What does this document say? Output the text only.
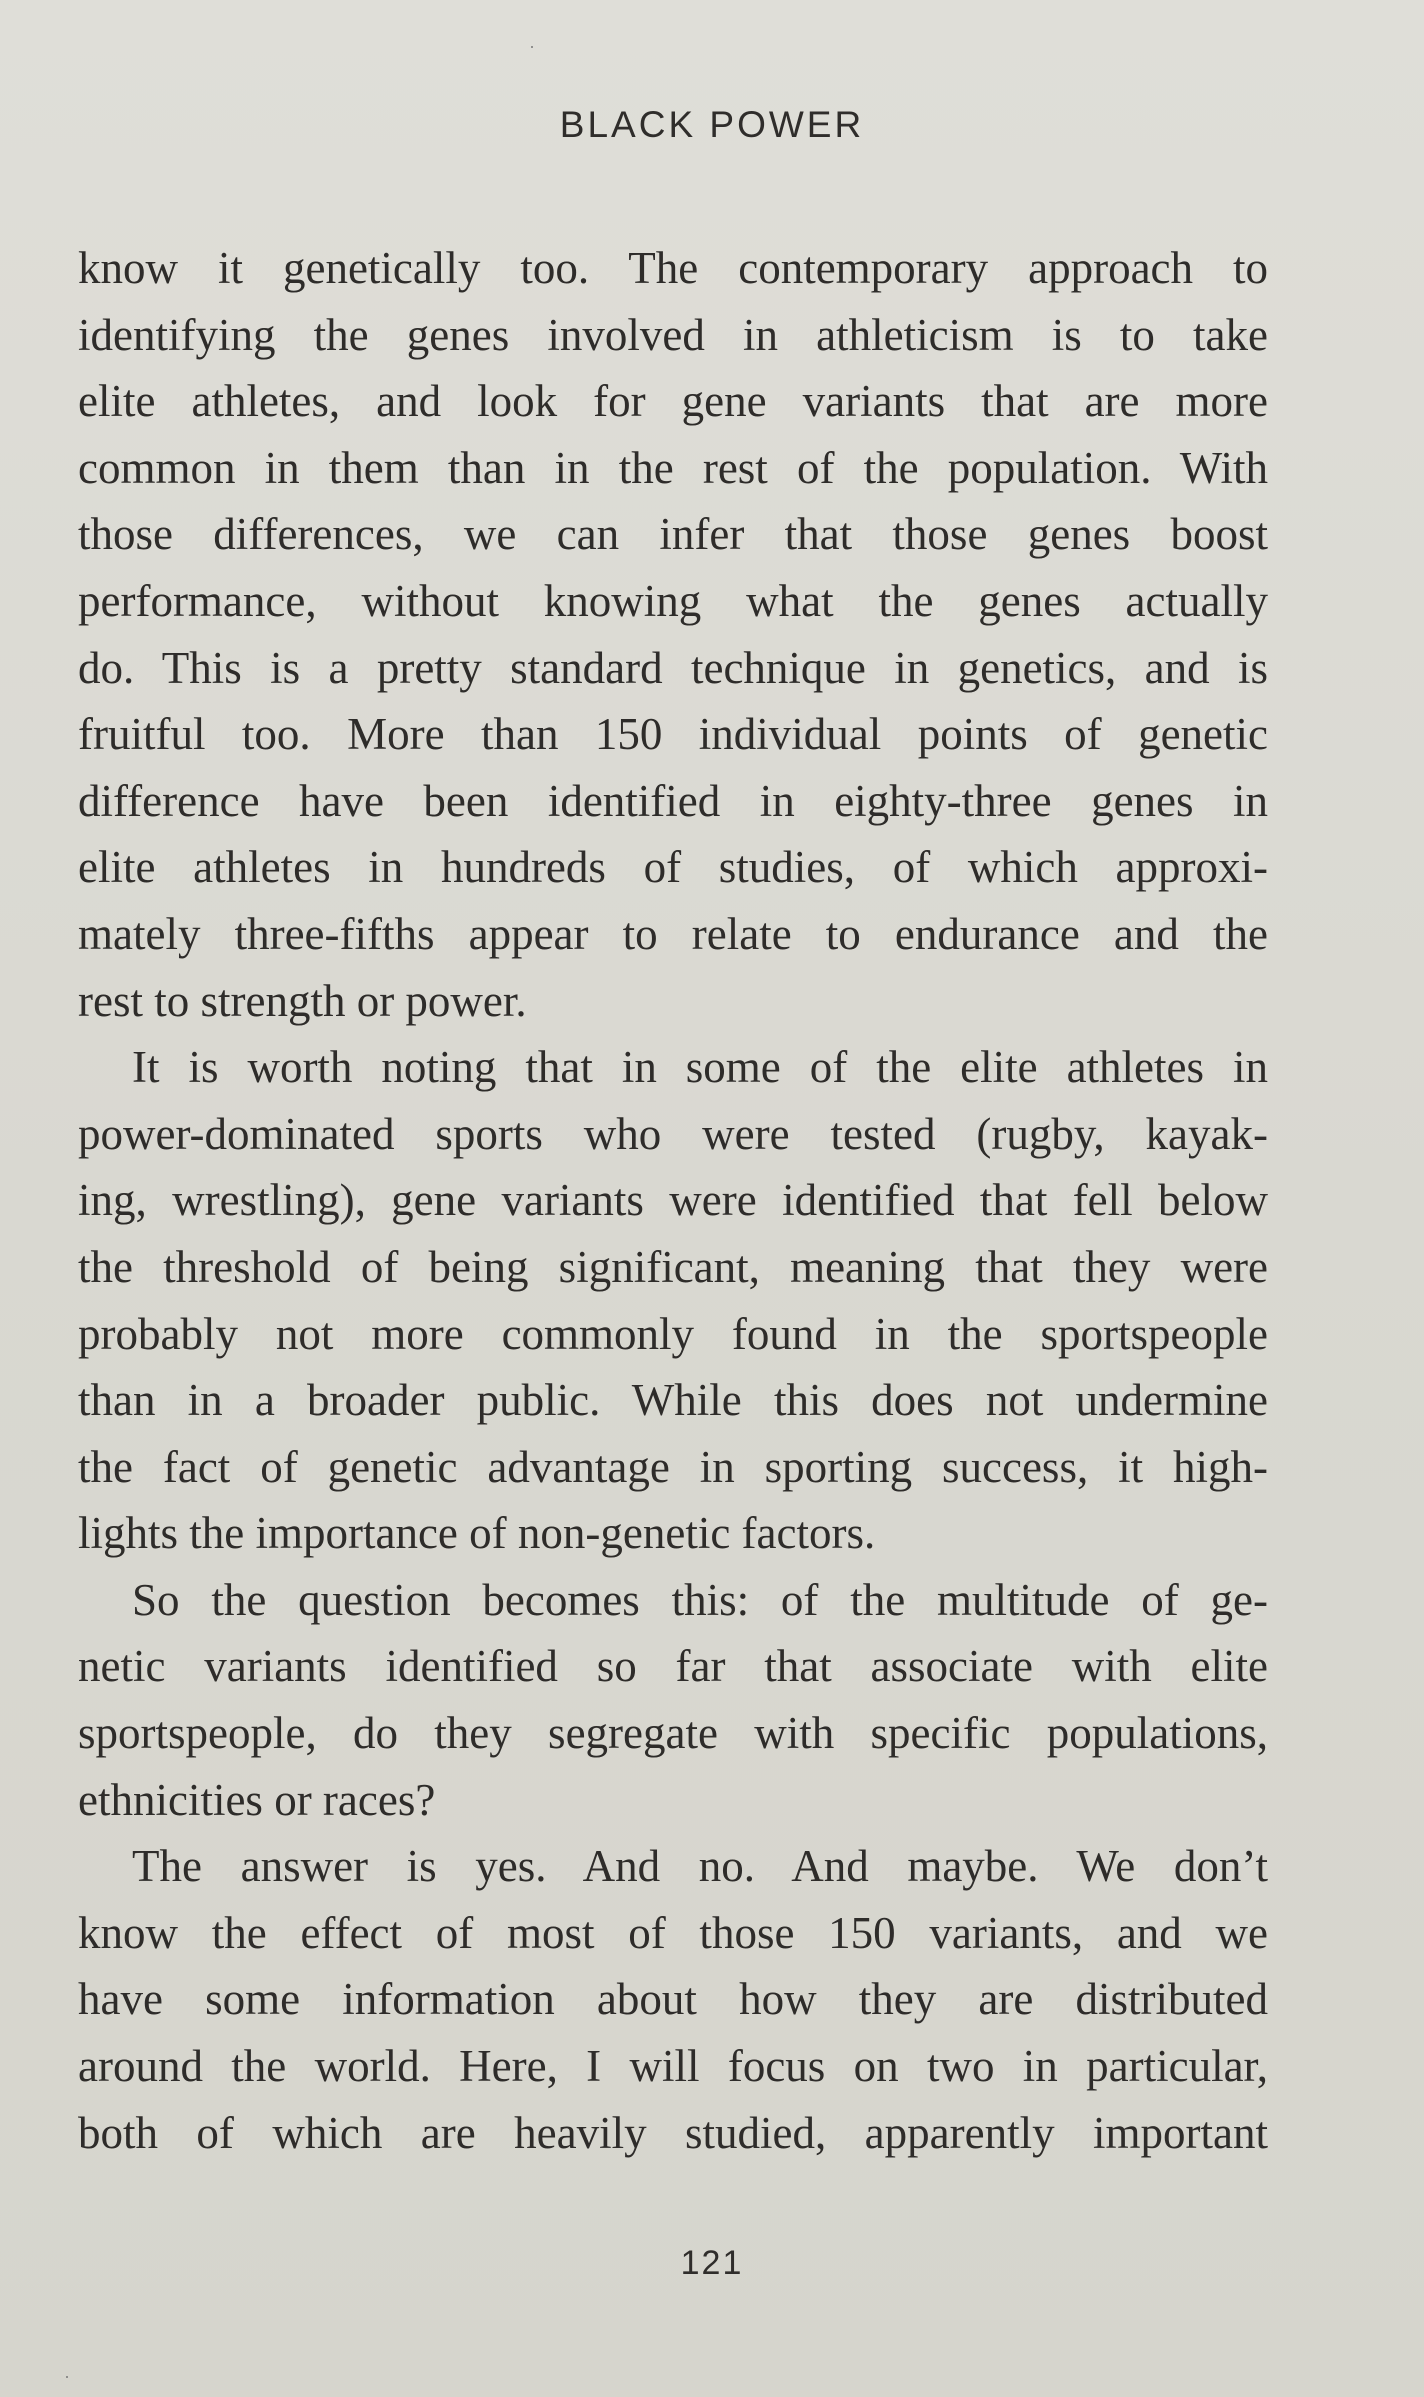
BLACK POWER
know it genetically too. The contemporary approach to
identifying the genes involved in athleticism is to take
elite athletes, and look for gene variants that are more
common in them than in the rest of the population. With
those differences, we can infer that those genes boost
performance, without knowing what the genes actually
do. This is a pretty standard technique in genetics, and is
fruitful too. More than 150 individual points of genetic
difference have been identified in eighty-three genes in
elite athletes in hundreds of studies, of which approxi-
mately three-fifths appear to relate to endurance and the
rest to strength or power.
It is worth noting that in some of the elite athletes in
power-dominated sports who were tested (rugby, kayak-
ing, wrestling), gene variants were identified that fell below
the threshold of being significant, meaning that they were
probably not more commonly found in the sportspeople
than in a broader public. While this does not undermine
the fact of genetic advantage in sporting success, it high-
lights the importance of non-genetic factors.
So the question becomes this: of the multitude of ge-
netic variants identified so far that associate with elite
sportspeople, do they segregate with specific populations,
ethnicities or races?
The answer is yes. And no. And maybe. We don’t
know the effect of most of those 150 variants, and we
have some information about how they are distributed
around the world. Here, I will focus on two in particular,
both of which are heavily studied, apparently important
121
